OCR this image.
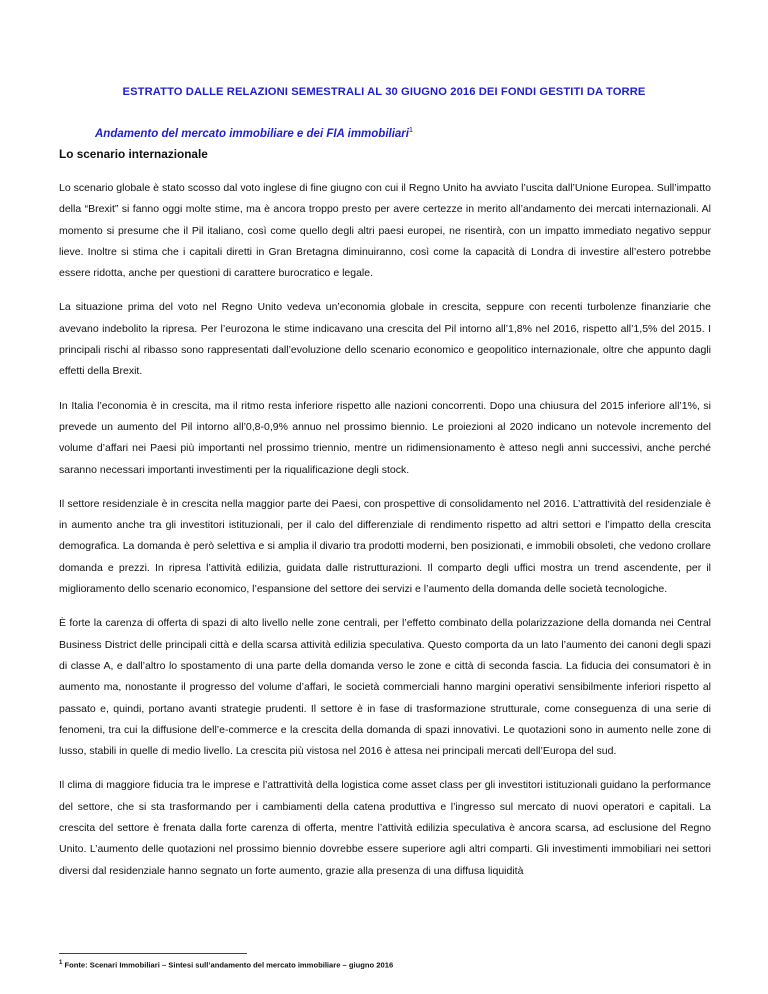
ESTRATTO DALLE RELAZIONI SEMESTRALI AL 30 GIUGNO 2016 DEI FONDI GESTITI DA TORRE
Andamento del mercato immobiliare e dei FIA immobiliari$^1$
Lo scenario internazionale

Lo scenario globale è stato scosso dal voto inglese di fine giugno con cui il Regno Unito ha avviato l’uscita dall’Unione Europea. Sull’impatto della “Brexit” si fanno oggi molte stime, ma è ancora troppo presto per avere certezze in merito all’andamento dei mercati internazionali. Al momento si presume che il Pil italiano, così come quello degli altri paesi europei, ne risentirà, con un impatto immediato negativo seppur lieve. Inoltre si stima che i capitali diretti in Gran Bretagna diminuiranno, così come la capacità di Londra di investire all’estero potrebbe essere ridotta, anche per questioni di carattere burocratico e legale.

La situazione prima del voto nel Regno Unito vedeva un’economia globale in crescita, seppure con recenti turbolenze finanziarie che avevano indebolito la ripresa. Per l’eurozona le stime indicavano una crescita del Pil intorno all’1,8% nel 2016, rispetto all’1,5% del 2015. I principali rischi al ribasso sono rappresentati dall’evoluzione dello scenario economico e geopolitico internazionale, oltre che appunto dagli effetti della Brexit.

In Italia l’economia è in crescita, ma il ritmo resta inferiore rispetto alle nazioni concorrenti. Dopo una chiusura del 2015 inferiore all’1%, si prevede un aumento del Pil intorno all’0,8-0,9% annuo nel prossimo biennio. Le proiezioni al 2020 indicano un notevole incremento del volume d’affari nei Paesi più importanti nel prossimo triennio, mentre un ridimensionamento è atteso negli anni successivi, anche perché saranno necessari importanti investimenti per la riqualificazione degli stock.

Il settore residenziale è in crescita nella maggior parte dei Paesi, con prospettive di consolidamento nel 2016. L’attrattività del residenziale è in aumento anche tra gli investitori istituzionali, per il calo del differenziale di rendimento rispetto ad altri settori e l’impatto della crescita demografica. La domanda è però selettiva e si amplia il divario tra prodotti moderni, ben posizionati, e immobili obsoleti, che vedono crollare domanda e prezzi. In ripresa l’attività edilizia, guidata dalle ristrutturazioni. Il comparto degli uffici mostra un trend ascendente, per il miglioramento dello scenario economico, l’espansione del settore dei servizi e l’aumento della domanda delle società tecnologiche.

È forte la carenza di offerta di spazi di alto livello nelle zone centrali, per l’effetto combinato della polarizzazione della domanda nei Central Business District delle principali città e della scarsa attività edilizia speculativa. Questo comporta da un lato l’aumento dei canoni degli spazi di classe A, e dall’altro lo spostamento di una parte della domanda verso le zone e città di seconda fascia. La fiducia dei consumatori è in aumento ma, nonostante il progresso del volume d’affari, le società commerciali hanno margini operativi sensibilmente inferiori rispetto al passato e, quindi, portano avanti strategie prudenti. Il settore è in fase di trasformazione strutturale, come conseguenza di una serie di fenomeni, tra cui la diffusione dell’e-commerce e la crescita della domanda di spazi innovativi. Le quotazioni sono in aumento nelle zone di lusso, stabili in quelle di medio livello. La crescita più vistosa nel 2016 è attesa nei principali mercati dell’Europa del sud.

Il clima di maggiore fiducia tra le imprese e l’attrattività della logistica come asset class per gli investitori istituzionali guidano la performance del settore, che si sta trasformando per i cambiamenti della catena produttiva e l’ingresso sul mercato di nuovi operatori e capitali. La crescita del settore è frenata dalla forte carenza di offerta, mentre l’attività edilizia speculativa è ancora scarsa, ad esclusione del Regno Unito. L’aumento delle quotazioni nel prossimo biennio dovrebbe essere superiore agli altri comparti. Gli investimenti immobiliari nei settori diversi dal residenziale hanno segnato un forte aumento, grazie alla presenza di una diffusa liquidità

$^1$ Fonte: Scenari Immobiliari – Sintesi sull’andamento del mercato immobiliare – giugno 2016
